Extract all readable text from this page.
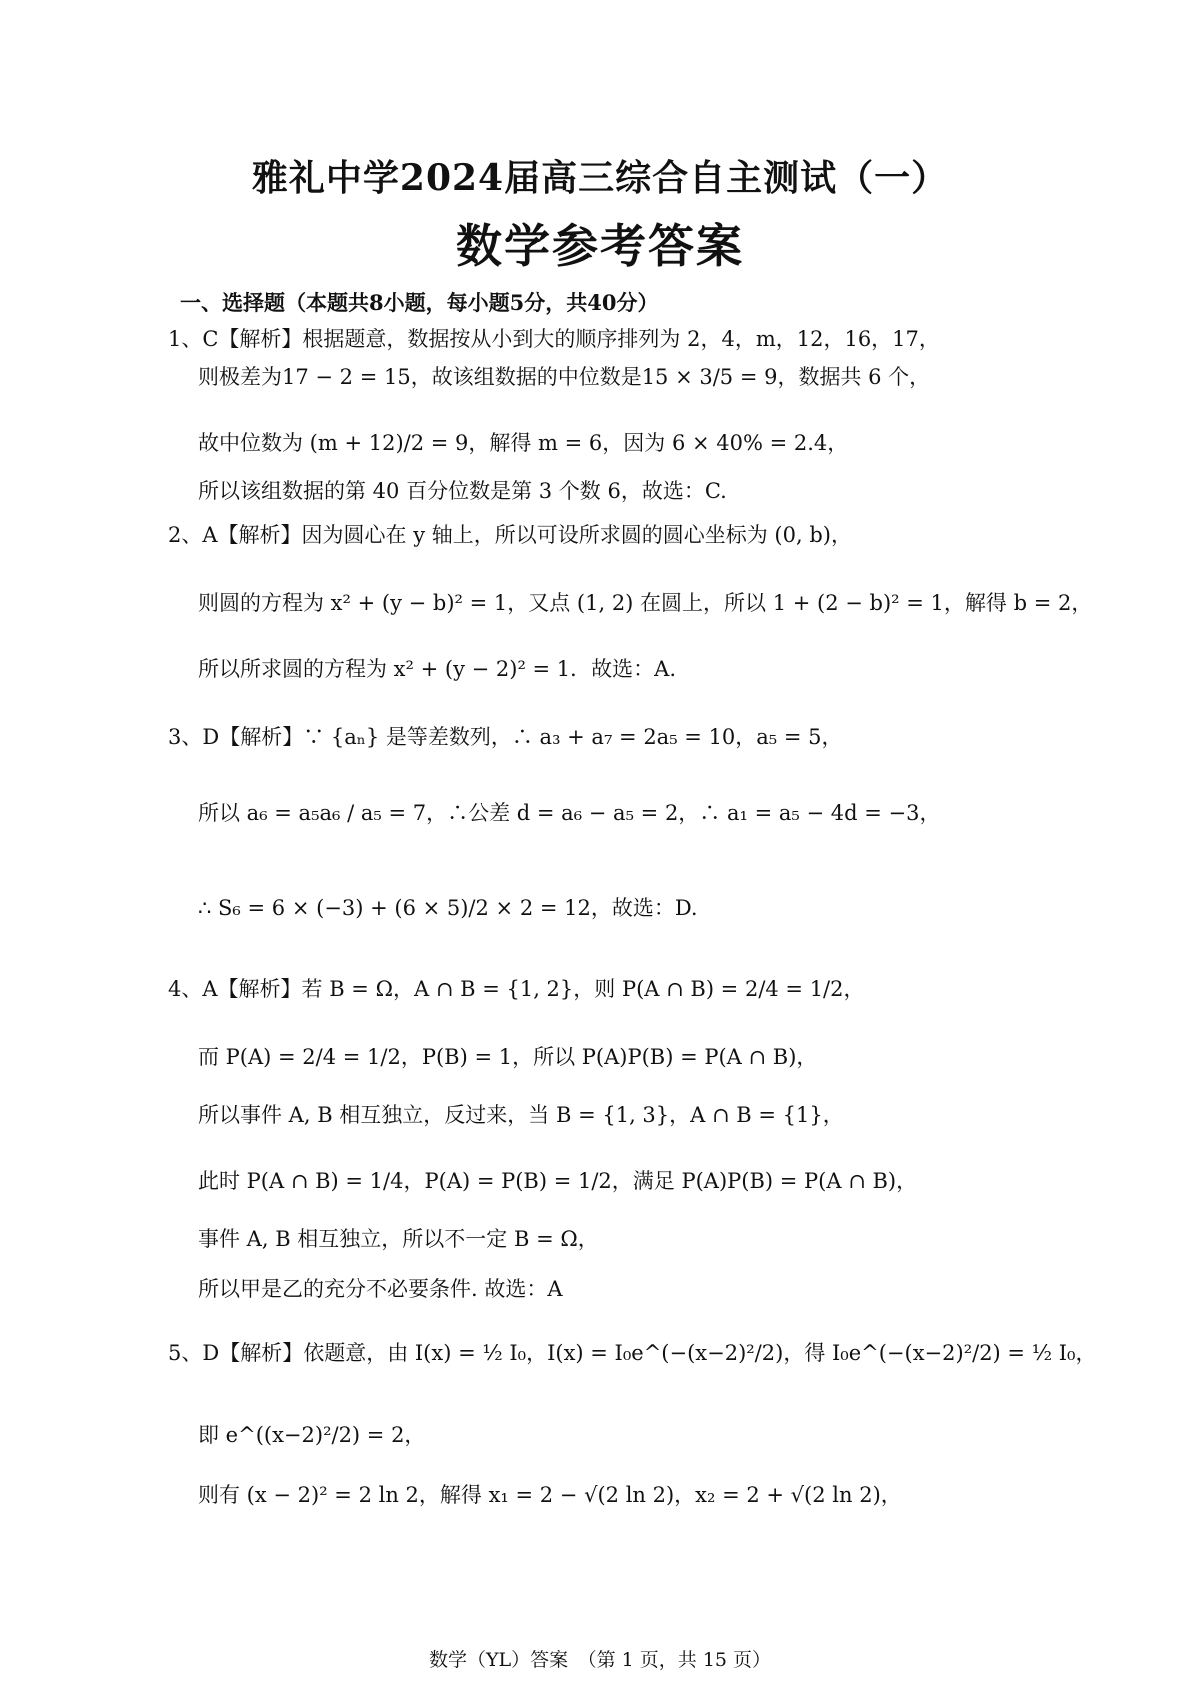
雅礼中学2024届高三综合自主测试（一）
数学参考答案
一、选择题（本题共8小题，每小题5分，共40分）
1、C【解析】根据题意，数据按从小到大的顺序排列为 2，4，m，12，16，17，
则极差为17 − 2 = 15，故该组数据的中位数是15 × 3/5 = 9，数据共 6 个，
故中位数为 (m + 12)/2 = 9，解得 m = 6，因为 6 × 40% = 2.4，
所以该组数据的第 40 百分位数是第 3 个数 6，故选：C.
2、A【解析】因为圆心在 y 轴上，所以可设所求圆的圆心坐标为 (0, b)，
则圆的方程为 x² + (y − b)² = 1，又点 (1, 2) 在圆上，所以 1 + (2 − b)² = 1，解得 b = 2，
所以所求圆的方程为 x² + (y − 2)² = 1．故选：A.
3、D【解析】∵ {aₙ} 是等差数列，∴ a₃ + a₇ = 2a₅ = 10，a₅ = 5，
所以 a₆ = a₅a₆ / a₅ = 7，∴公差 d = a₆ − a₅ = 2，∴ a₁ = a₅ − 4d = −3，
∴ S₆ = 6 × (−3) + (6 × 5)/2 × 2 = 12，故选：D.
4、A【解析】若 B = Ω，A ∩ B = {1, 2}，则 P(A ∩ B) = 2/4 = 1/2，
而 P(A) = 2/4 = 1/2，P(B) = 1，所以 P(A)P(B) = P(A ∩ B)，
所以事件 A, B 相互独立，反过来，当 B = {1, 3}，A ∩ B = {1}，
此时 P(A ∩ B) = 1/4，P(A) = P(B) = 1/2，满足 P(A)P(B) = P(A ∩ B)，
事件 A, B 相互独立，所以不一定 B = Ω，
所以甲是乙的充分不必要条件. 故选：A
5、D【解析】依题意，由 I(x) = ½ I₀，I(x) = I₀e^(−(x−2)²/2)，得 I₀e^(−(x−2)²/2) = ½ I₀，
即 e^((x−2)²/2) = 2，
则有 (x − 2)² = 2 ln 2，解得 x₁ = 2 − √(2 ln 2)，x₂ = 2 + √(2 ln 2)，
数学（YL）答案　（第 1 页，共 15 页）
